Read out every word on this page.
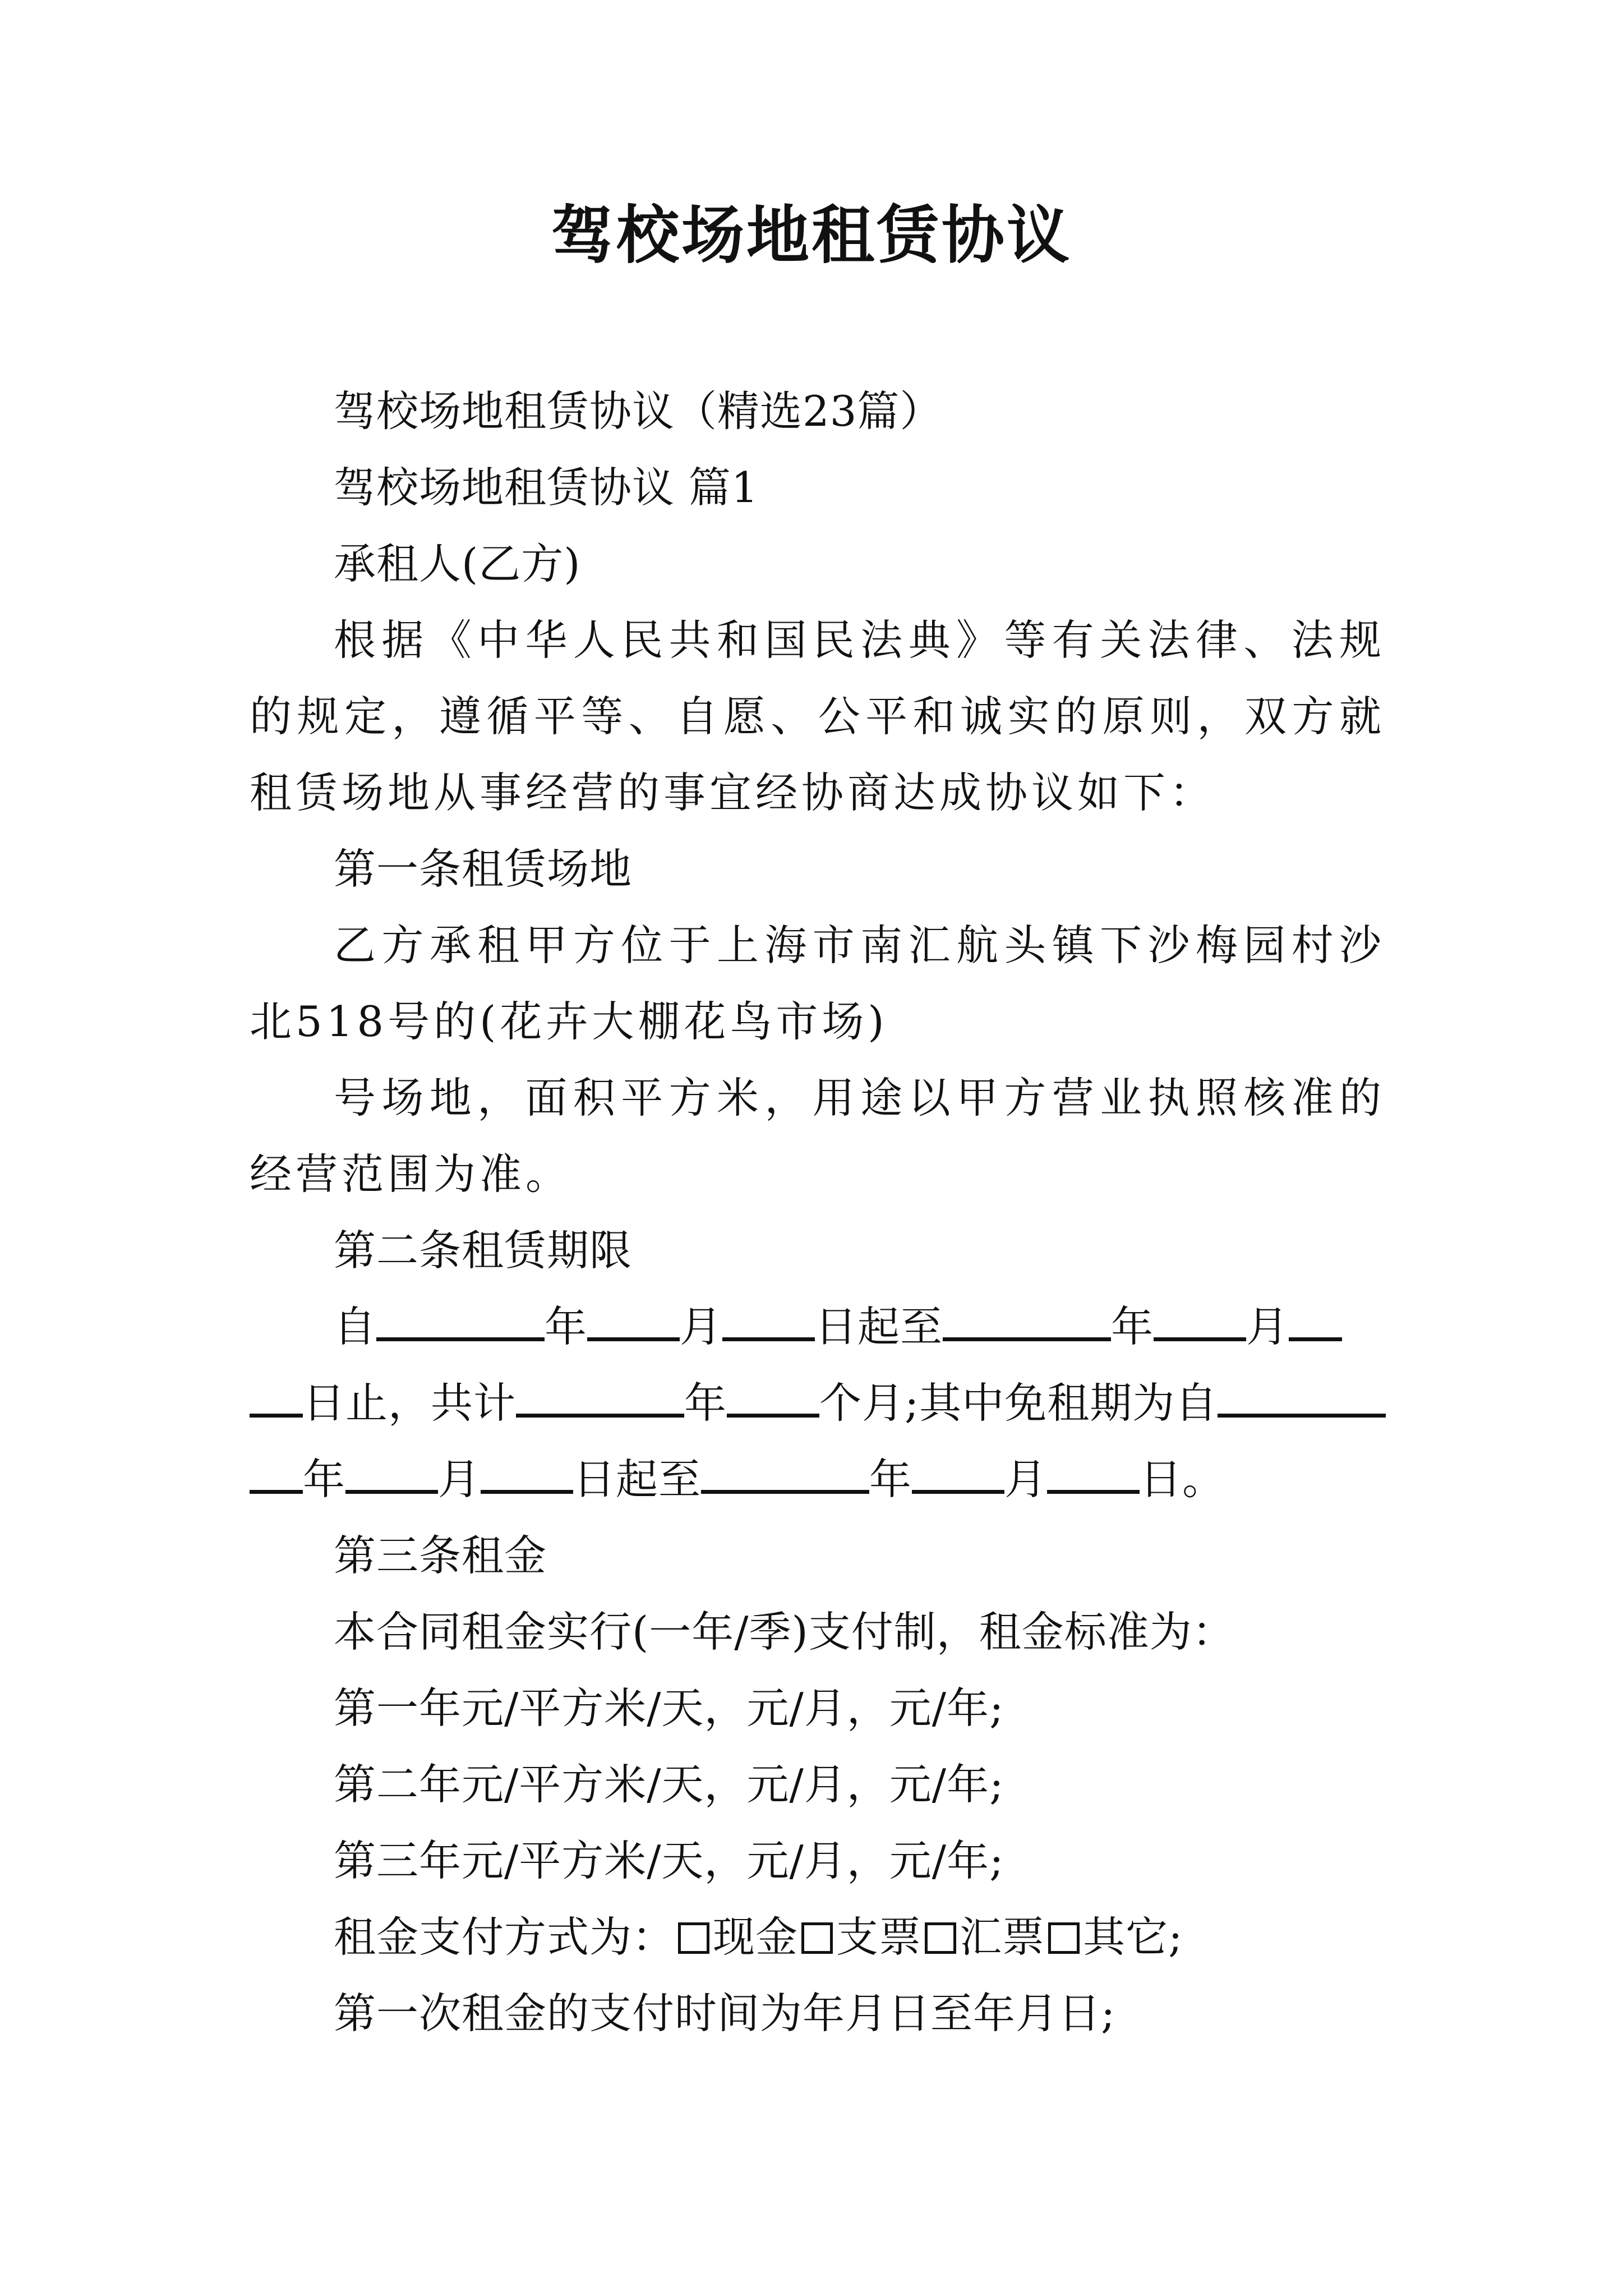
驾校场地租赁协议

驾校场地租赁协议（精选23篇）

驾校场地租赁协议 篇1

承租人(乙方)

根据《中华人民共和国民法典》等有关法律、法规的规定，遵循平等、自愿、公平和诚实的原则，双方就租赁场地从事经营的事宜经协商达成协议如下：

第一条租赁场地

乙方承租甲方位于上海市南汇航头镇下沙梅园村沙北518号的(花卉大棚花鸟市场)

号场地，面积平方米，用途以甲方营业执照核准的经营范围为准。

第二条租赁期限

自	年 月 日起至	年 月

日止，共计	年 个月;其中免租期为自

年 月 日起至	年 月 日。

第三条租金

本合同租金实行(一年/季)支付制，租金标准为：

第一年元/平方米/天，元/月，元/年;

第二年元/平方米/天，元/月，元/年;

第三年元/平方米/天，元/月，元/年;

租金支付方式为： 现金 支票 汇票 其它;

第一次租金的支付时间为年月日至年月日;
